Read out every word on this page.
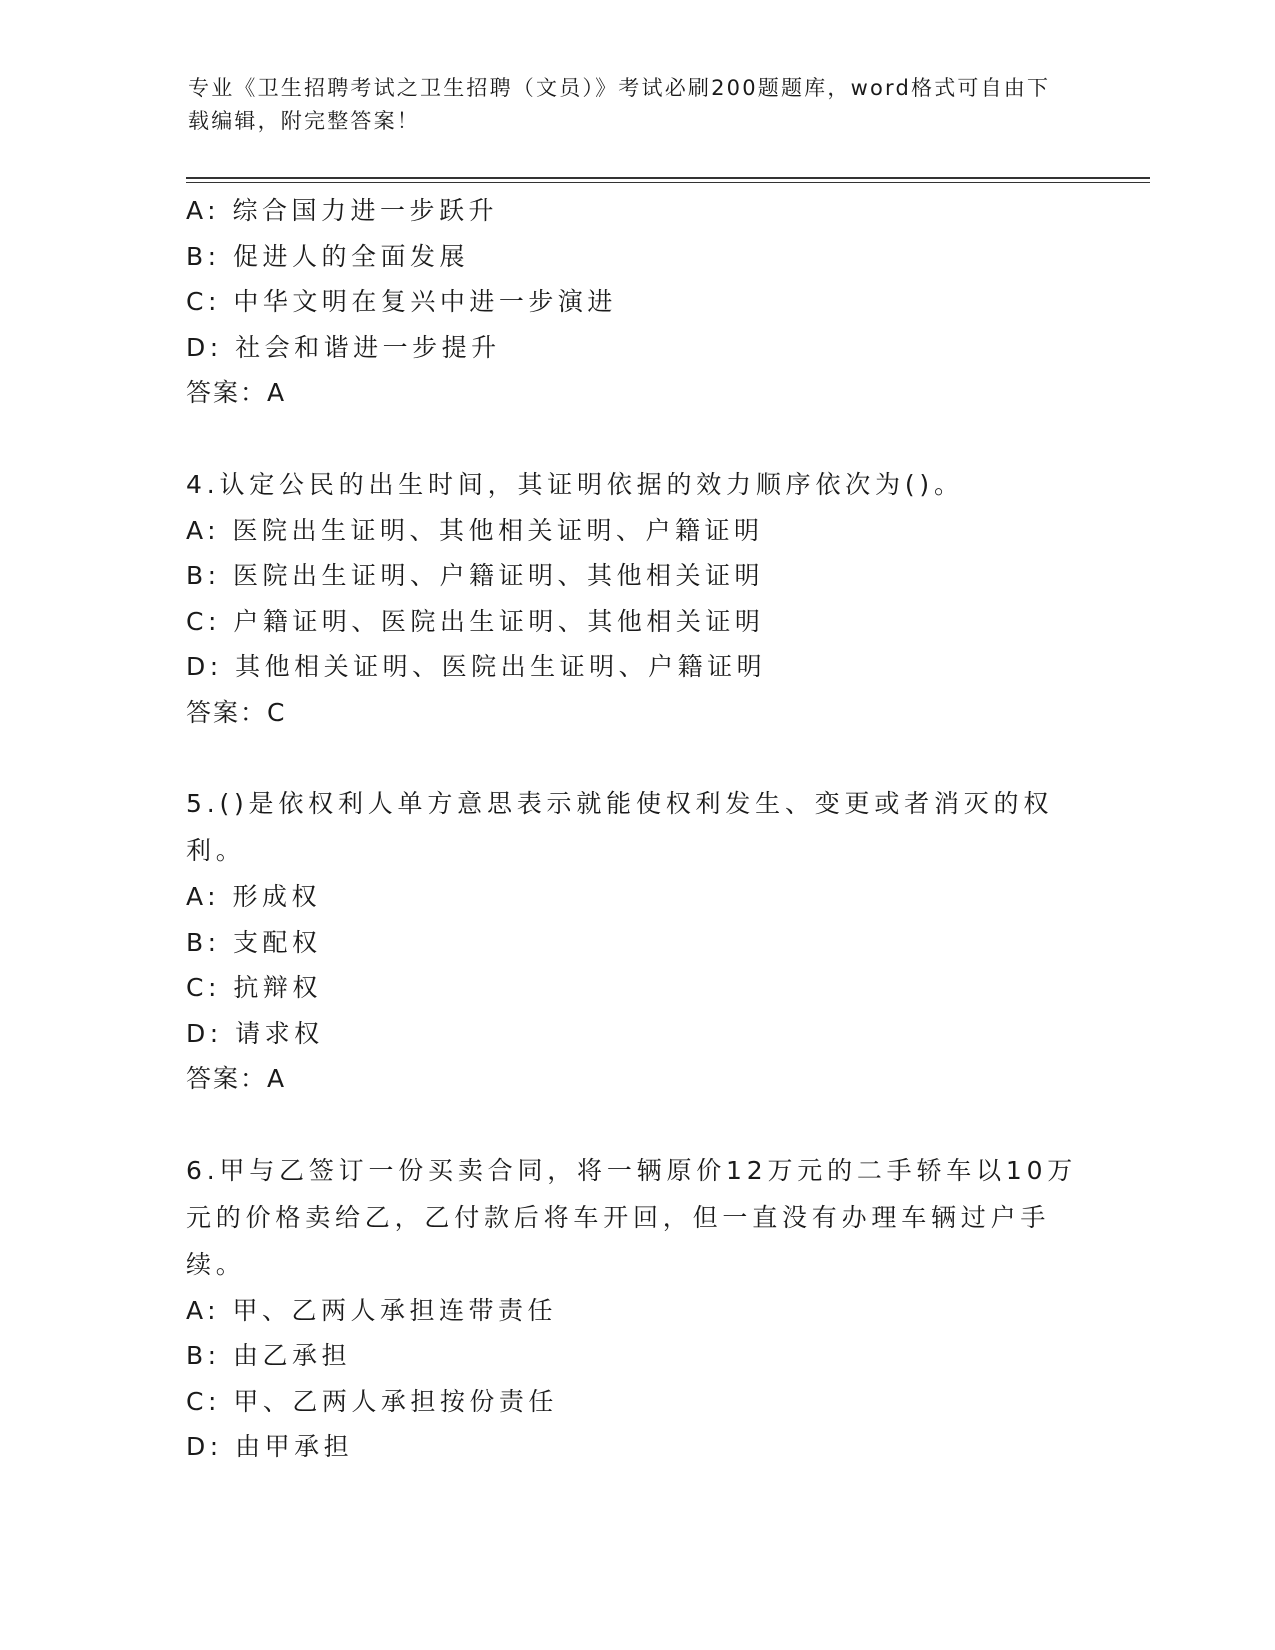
专业《卫生招聘考试之卫生招聘（文员）》考试必刷200题题库，word格式可自由下载编辑，附完整答案！
A: 综合国力进一步跃升
B: 促进人的全面发展
C: 中华文明在复兴中进一步演进
D: 社会和谐进一步提升
答案：A
4.认定公民的出生时间，其证明依据的效力顺序依次为()。
A: 医院出生证明、其他相关证明、户籍证明
B: 医院出生证明、户籍证明、其他相关证明
C: 户籍证明、医院出生证明、其他相关证明
D: 其他相关证明、医院出生证明、户籍证明
答案：C
5.()是依权利人单方意思表示就能使权利发生、变更或者消灭的权利。
A: 形成权
B: 支配权
C: 抗辩权
D: 请求权
答案：A
6.甲与乙签订一份买卖合同，将一辆原价12万元的二手轿车以10万元的价格卖给乙，乙付款后将车开回，但一直没有办理车辆过户手续。
A: 甲、乙两人承担连带责任
B: 由乙承担
C: 甲、乙两人承担按份责任
D: 由甲承担
